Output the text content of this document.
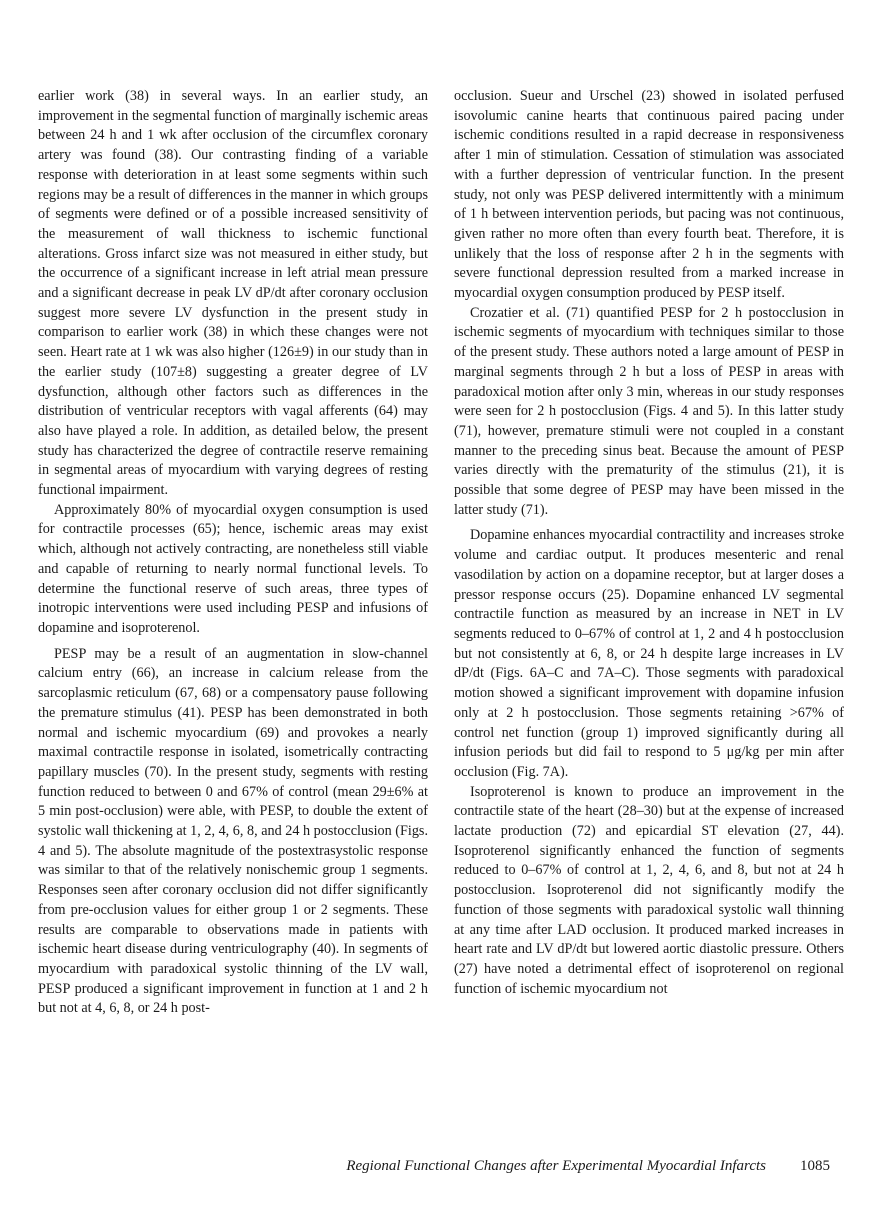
earlier work (38) in several ways. In an earlier study, an improvement in the segmental function of marginally ischemic areas between 24 h and 1 wk after occlusion of the circumflex coronary artery was found (38). Our contrasting finding of a variable response with deterioration in at least some segments within such regions may be a result of differences in the manner in which groups of segments were defined or of a possible increased sensitivity of the measurement of wall thickness to ischemic functional alterations. Gross infarct size was not measured in either study, but the occurrence of a significant increase in left atrial mean pressure and a significant decrease in peak LV dP/dt after coronary occlusion suggest more severe LV dysfunction in the present study in comparison to earlier work (38) in which these changes were not seen. Heart rate at 1 wk was also higher (126±9) in our study than in the earlier study (107±8) suggesting a greater degree of LV dysfunction, although other factors such as differences in the distribution of ventricular receptors with vagal afferents (64) may also have played a role. In addition, as detailed below, the present study has characterized the degree of contractile reserve remaining in segmental areas of myocardium with varying degrees of resting functional impairment.

Approximately 80% of myocardial oxygen consumption is used for contractile processes (65); hence, ischemic areas may exist which, although not actively contracting, are nonetheless still viable and capable of returning to nearly normal functional levels. To determine the functional reserve of such areas, three types of inotropic interventions were used including PESP and infusions of dopamine and isoproterenol.

PESP may be a result of an augmentation in slow-channel calcium entry (66), an increase in calcium release from the sarcoplasmic reticulum (67, 68) or a compensatory pause following the premature stimulus (41). PESP has been demonstrated in both normal and ischemic myocardium (69) and provokes a nearly maximal contractile response in isolated, isometrically contracting papillary muscles (70). In the present study, segments with resting function reduced to between 0 and 67% of control (mean 29±6% at 5 min post-occlusion) were able, with PESP, to double the extent of systolic wall thickening at 1, 2, 4, 6, 8, and 24 h postocclusion (Figs. 4 and 5). The absolute magnitude of the postextrasystolic response was similar to that of the relatively nonischemic group 1 segments. Responses seen after coronary occlusion did not differ significantly from pre-occlusion values for either group 1 or 2 segments. These results are comparable to observations made in patients with ischemic heart disease during ventriculography (40). In segments of myocardium with paradoxical systolic thinning of the LV wall, PESP produced a significant improvement in function at 1 and 2 h but not at 4, 6, 8, or 24 h post-

occlusion. Sueur and Urschel (23) showed in isolated perfused isovolumic canine hearts that continuous paired pacing under ischemic conditions resulted in a rapid decrease in responsiveness after 1 min of stimulation. Cessation of stimulation was associated with a further depression of ventricular function. In the present study, not only was PESP delivered intermittently with a minimum of 1 h between intervention periods, but pacing was not continuous, given rather no more often than every fourth beat. Therefore, it is unlikely that the loss of response after 2 h in the segments with severe functional depression resulted from a marked increase in myocardial oxygen consumption produced by PESP itself.

Crozatier et al. (71) quantified PESP for 2 h postocclusion in ischemic segments of myocardium with techniques similar to those of the present study. These authors noted a large amount of PESP in marginal segments through 2 h but a loss of PESP in areas with paradoxical motion after only 3 min, whereas in our study responses were seen for 2 h postocclusion (Figs. 4 and 5). In this latter study (71), however, premature stimuli were not coupled in a constant manner to the preceding sinus beat. Because the amount of PESP varies directly with the prematurity of the stimulus (21), it is possible that some degree of PESP may have been missed in the latter study (71).

Dopamine enhances myocardial contractility and increases stroke volume and cardiac output. It produces mesenteric and renal vasodilation by action on a dopamine receptor, but at larger doses a pressor response occurs (25). Dopamine enhanced LV segmental contractile function as measured by an increase in NET in LV segments reduced to 0–67% of control at 1, 2 and 4 h postocclusion but not consistently at 6, 8, or 24 h despite large increases in LV dP/dt (Figs. 6A–C and 7A–C). Those segments with paradoxical motion showed a significant improvement with dopamine infusion only at 2 h postocclusion. Those segments retaining >67% of control net function (group 1) improved significantly during all infusion periods but did fail to respond to 5 μg/kg per min after occlusion (Fig. 7A).

Isoproterenol is known to produce an improvement in the contractile state of the heart (28–30) but at the expense of increased lactate production (72) and epicardial ST elevation (27, 44). Isoproterenol significantly enhanced the function of segments reduced to 0–67% of control at 1, 2, 4, 6, and 8, but not at 24 h postocclusion. Isoproterenol did not significantly modify the function of those segments with paradoxical systolic wall thinning at any time after LAD occlusion. It produced marked increases in heart rate and LV dP/dt but lowered aortic diastolic pressure. Others (27) have noted a detrimental effect of isoproterenol on regional function of ischemic myocardium not

Regional Functional Changes after Experimental Myocardial Infarcts 1085
